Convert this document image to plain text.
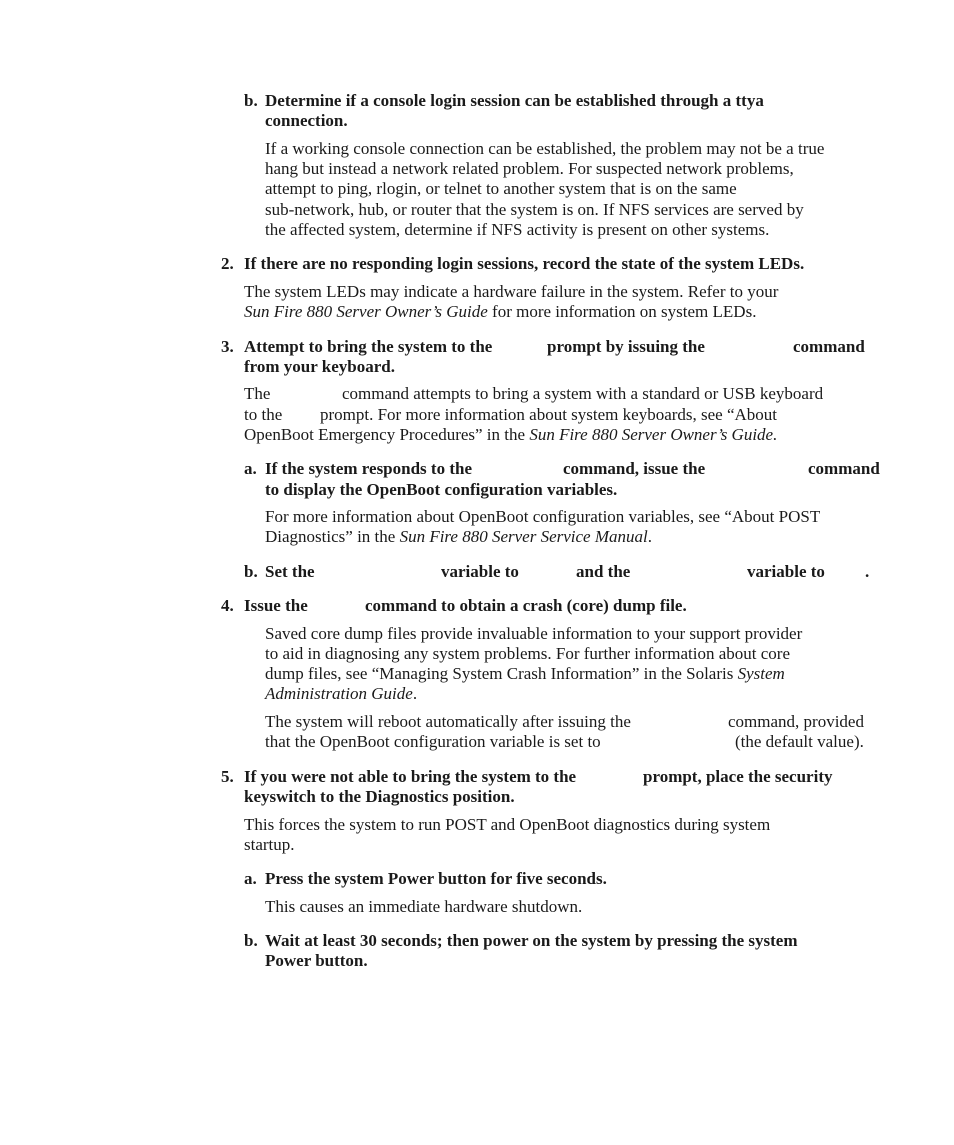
b. Determine if a console login session can be established through a ttya
connection.
If a working console connection can be established, the problem may not be a true
hang but instead a network related problem. For suspected network problems,
attempt to ping, rlogin, or telnet to another system that is on the same
sub-network, hub, or router that the system is on. If NFS services are served by
the affected system, determine if NFS activity is present on other systems.
2. If there are no responding login sessions, record the state of the system LEDs.
The system LEDs may indicate a hardware failure in the system. Refer to your
Sun Fire 880 Server Owner’s Guide for more information on system LEDs.
3. Attempt to bring the system to the	prompt by issuing the	command
from your keyboard.
The	command attempts to bring a system with a standard or USB keyboard
to the prompt. For more information about system keyboards, see “About
OpenBoot Emergency Procedures” in the Sun Fire 880 Server Owner’s Guide.
a. If the system responds to the	command, issue the	command
to display the OpenBoot configuration variables.
For more information about OpenBoot configuration variables, see “About POST
Diagnostics” in the Sun Fire 880 Server Service Manual.
b. Set the	variable to	and the	variable to .
4. Issue the	command to obtain a crash (core) dump file.
Saved core dump files provide invaluable information to your support provider
to aid in diagnosing any system problems. For further information about core
dump files, see “Managing System Crash Information” in the Solaris System
Administration Guide.
The system will reboot automatically after issuing the	command, provided
that the OpenBoot configuration variable is set to	(the default value).
5. If you were not able to bring the system to the	prompt, place the security
keyswitch to the Diagnostics position.
This forces the system to run POST and OpenBoot diagnostics during system
startup.
a. Press the system Power button for five seconds.
This causes an immediate hardware shutdown.
b. Wait at least 30 seconds; then power on the system by pressing the system
Power button.
